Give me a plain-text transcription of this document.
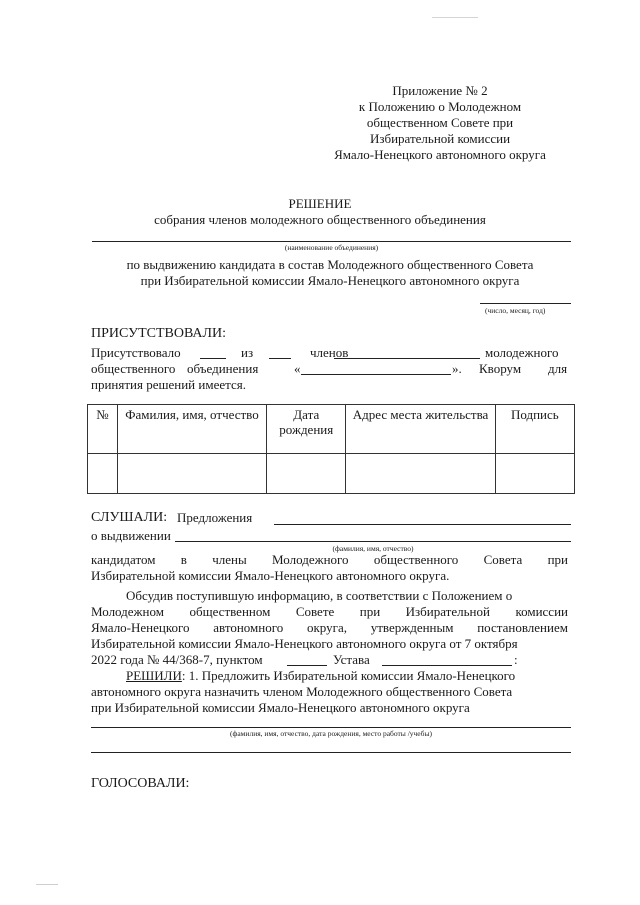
Приложение № 2
к Положению о Молодежном
общественном Совете при
Избирательной комиссии
Ямало-Ненецкого автономного округа
РЕШЕНИЕ
собрания членов молодежного общественного объединения
(наименование объединения)
по выдвижению кандидата в состав Молодежного общественного Совета
при Избирательной комиссии Ямало-Ненецкого автономного округа
(число, месяц, год)
ПРИСУТСТВОВАЛИ:
Присутствовало	из	членов	молодежного
общественного объединения	«	». Кворум для
принятия решений имеется.
№	Фамилия, имя, отчество	Дата рождения	Адрес места жительства	Подпись

СЛУШАЛИ: Предложения
о выдвижении
(фамилия, имя, отчество)
кандидатом в члены Молодежного общественного Совета при
Избирательной комиссии Ямало-Ненецкого автономного округа.
Обсудив поступившую информацию, в соответствии с Положением о
Молодежном общественном Совете при Избирательной комиссии
Ямало-Ненецкого автономного округа, утвержденным постановлением
Избирательной комиссии Ямало-Ненецкого автономного округа от 7 октября
2022 года № 44/368-7, пунктом	Устава	:
РЕШИЛИ: 1. Предложить Избирательной комиссии Ямало-Ненецкого
автономного округа назначить членом Молодежного общественного Совета
при Избирательной комиссии Ямало-Ненецкого автономного округа
(фамилия, имя, отчество, дата рождения, место работы /учебы)
ГОЛОСОВАЛИ:
